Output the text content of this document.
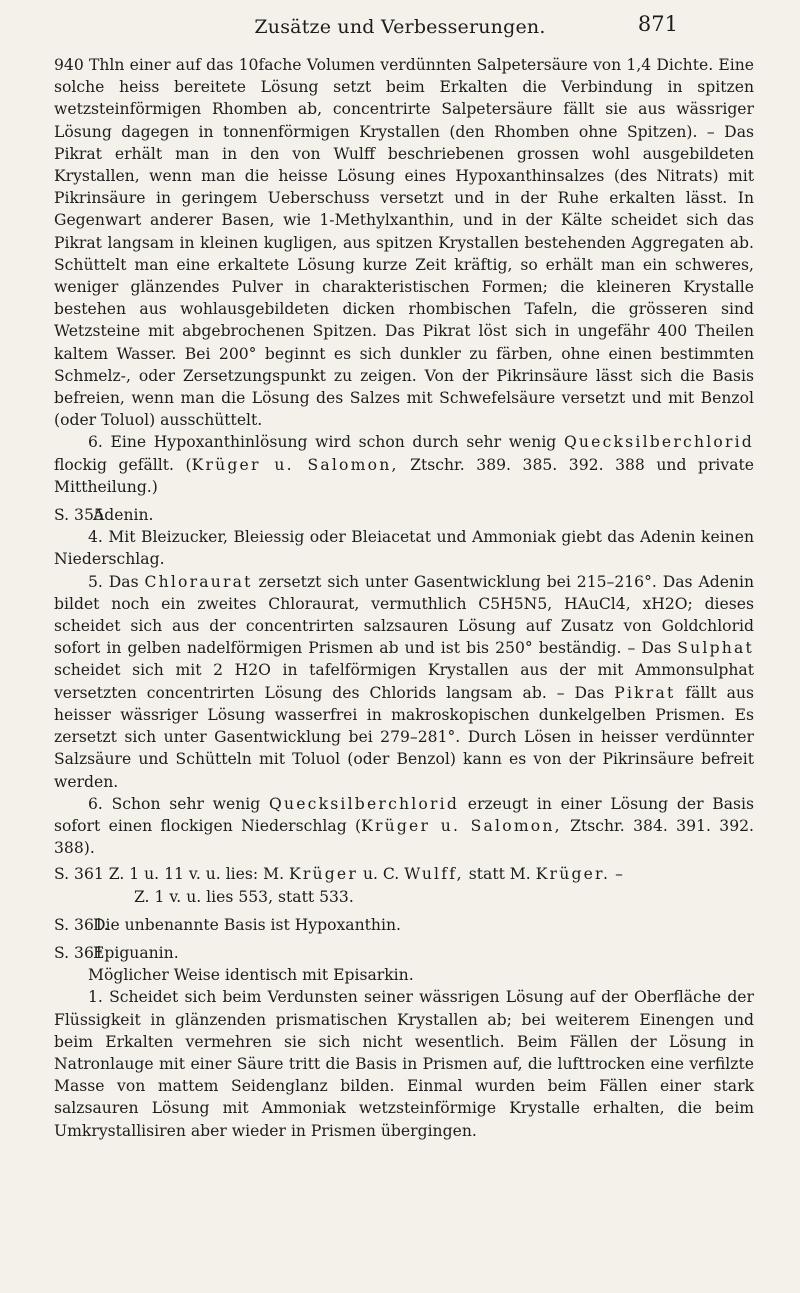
Zusätze und Verbesserungen.	871

940 Thln einer auf das 10fache Volumen verdünnten Salpetersäure von 1,4 Dichte. Eine solche heiss bereitete Lösung setzt beim Erkalten die Verbindung in spitzen wetzsteinförmigen Rhomben ab, concentrirte Salpetersäure fällt sie aus wässriger Lösung dagegen in tonnenförmigen Krystallen (den Rhomben ohne Spitzen). – Das Pikrat erhält man in den von Wulff beschriebenen grossen wohl ausgebildeten Krystallen, wenn man die heisse Lösung eines Hypoxanthinsalzes (des Nitrats) mit Pikrinsäure in geringem Ueberschuss versetzt und in der Ruhe erkalten lässt. In Gegenwart anderer Basen, wie 1-Methylxanthin, und in der Kälte scheidet sich das Pikrat langsam in kleinen kugligen, aus spitzen Krystallen bestehenden Aggregaten ab. Schüttelt man eine erkaltete Lösung kurze Zeit kräftig, so erhält man ein schweres, weniger glänzendes Pulver in charakteristischen Formen; die kleineren Krystalle bestehen aus wohlausgebildeten dicken rhombischen Tafeln, die grösseren sind Wetzsteine mit abgebrochenen Spitzen. Das Pikrat löst sich in ungefähr 400 Theilen kaltem Wasser. Bei 200° beginnt es sich dunkler zu färben, ohne einen bestimmten Schmelz-, oder Zersetzungspunkt zu zeigen. Von der Pikrinsäure lässt sich die Basis befreien, wenn man die Lösung des Salzes mit Schwefelsäure versetzt und mit Benzol (oder Toluol) ausschüttelt.

6. Eine Hypoxanthinlösung wird schon durch sehr wenig Quecksilberchlorid flockig gefällt. (Krüger u. Salomon, Ztschr. 389. 385. 392. 388 und private Mittheilung.)

S. 355 Adenin.

4. Mit Bleizucker, Bleiessig oder Bleiacetat und Ammoniak giebt das Adenin keinen Niederschlag.

5. Das Chloraurat zersetzt sich unter Gasentwicklung bei 215–216°. Das Adenin bildet noch ein zweites Chloraurat, vermuthlich C5H5N5, HAuCl4, xH2O; dieses scheidet sich aus der concentrirten salzsauren Lösung auf Zusatz von Goldchlorid sofort in gelben nadelförmigen Prismen ab und ist bis 250° beständig. – Das Sulphat scheidet sich mit 2 H2O in tafelförmigen Krystallen aus der mit Ammonsulphat versetzten concentrirten Lösung des Chlorids langsam ab. – Das Pikrat fällt aus heisser wässriger Lösung wasserfrei in makroskopischen dunkelgelben Prismen. Es zersetzt sich unter Gasentwicklung bei 279–281°. Durch Lösen in heisser verdünnter Salzsäure und Schütteln mit Toluol (oder Benzol) kann es von der Pikrinsäure befreit werden.

6. Schon sehr wenig Quecksilberchlorid erzeugt in einer Lösung der Basis sofort einen flockigen Niederschlag (Krüger u. Salomon, Ztschr. 384. 391. 392. 388).

S. 361 Z. 1 u. 11 v. u. lies: M. Krüger u. C. Wulff, statt M. Krüger. –
Z. 1 v. u. lies 553, statt 533.

S. 361. Die unbenannte Basis ist Hypoxanthin.

S. 361 Epiguanin.

Möglicher Weise identisch mit Episarkin.

1. Scheidet sich beim Verdunsten seiner wässrigen Lösung auf der Oberfläche der Flüssigkeit in glänzenden prismatischen Krystallen ab; bei weiterem Einengen und beim Erkalten vermehren sie sich nicht wesentlich. Beim Fällen der Lösung in Natronlauge mit einer Säure tritt die Basis in Prismen auf, die lufttrocken eine verfilzte Masse von mattem Seidenglanz bilden. Einmal wurden beim Fällen einer stark salzsauren Lösung mit Ammoniak wetzsteinförmige Krystalle erhalten, die beim Umkrystallisiren aber wieder in Prismen übergingen.
